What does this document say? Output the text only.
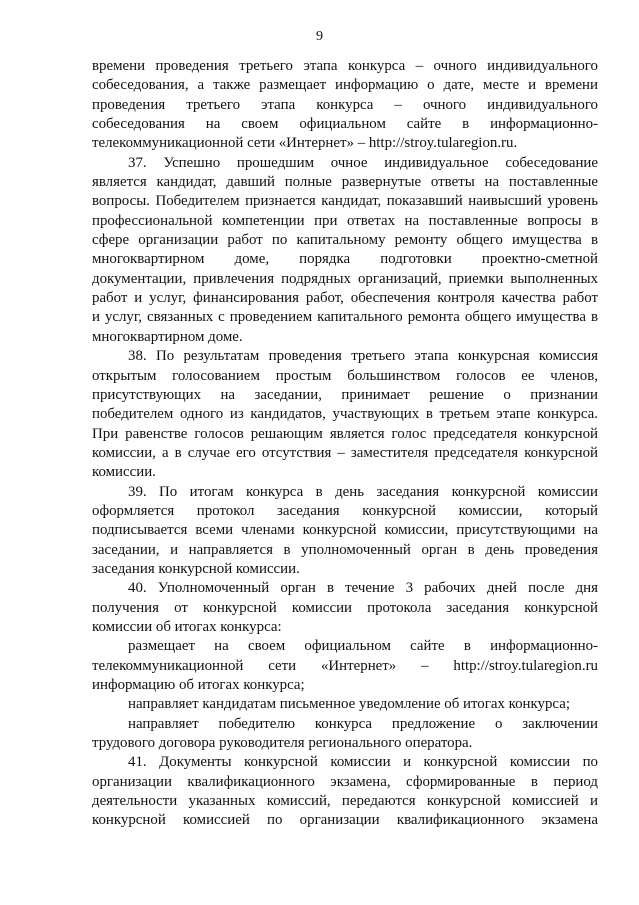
9
времени проведения третьего этапа конкурса – очного индивидуального
собеседования, а также размещает информацию о дате, месте и времени
проведения третьего этапа конкурса – очного индивидуального
собеседования на своем официальном сайте в информационно-
телекоммуникационной сети «Интернет» – http://stroy.tularegion.ru.
37. Успешно прошедшим очное индивидуальное собеседование
является кандидат, давший полные развернутые ответы на поставленные
вопросы. Победителем признается кандидат, показавший наивысший уровень
профессиональной компетенции при ответах на поставленные вопросы в
сфере организации работ по капитальному ремонту общего имущества в
многоквартирном доме, порядка подготовки проектно-сметной
документации, привлечения подрядных организаций, приемки выполненных
работ и услуг, финансирования работ, обеспечения контроля качества работ
и услуг, связанных с проведением капитального ремонта общего имущества в
многоквартирном доме.
38. По результатам проведения третьего этапа конкурсная комиссия
открытым голосованием простым большинством голосов ее членов,
присутствующих на заседании, принимает решение о признании
победителем одного из кандидатов, участвующих в третьем этапе конкурса.
При равенстве голосов решающим является голос председателя конкурсной
комиссии, а в случае его отсутствия – заместителя председателя конкурсной
комиссии.
39. По итогам конкурса в день заседания конкурсной комиссии
оформляется протокол заседания конкурсной комиссии, который
подписывается всеми членами конкурсной комиссии, присутствующими на
заседании, и направляется в уполномоченный орган в день проведения
заседания конкурсной комиссии.
40. Уполномоченный орган в течение 3 рабочих дней после дня
получения от конкурсной комиссии протокола заседания конкурсной
комиссии об итогах конкурса:
размещает на своем официальном сайте в информационно-
телекоммуникационной сети «Интернет» – http://stroy.tularegion.ru
информацию об итогах конкурса;
направляет кандидатам письменное уведомление об итогах конкурса;
направляет победителю конкурса предложение о заключении
трудового договора руководителя регионального оператора.
41. Документы конкурсной комиссии и конкурсной комиссии по
организации квалификационного экзамена, сформированные в период
деятельности указанных комиссий, передаются конкурсной комиссией и
конкурсной комиссией по организации квалификационного экзамена
